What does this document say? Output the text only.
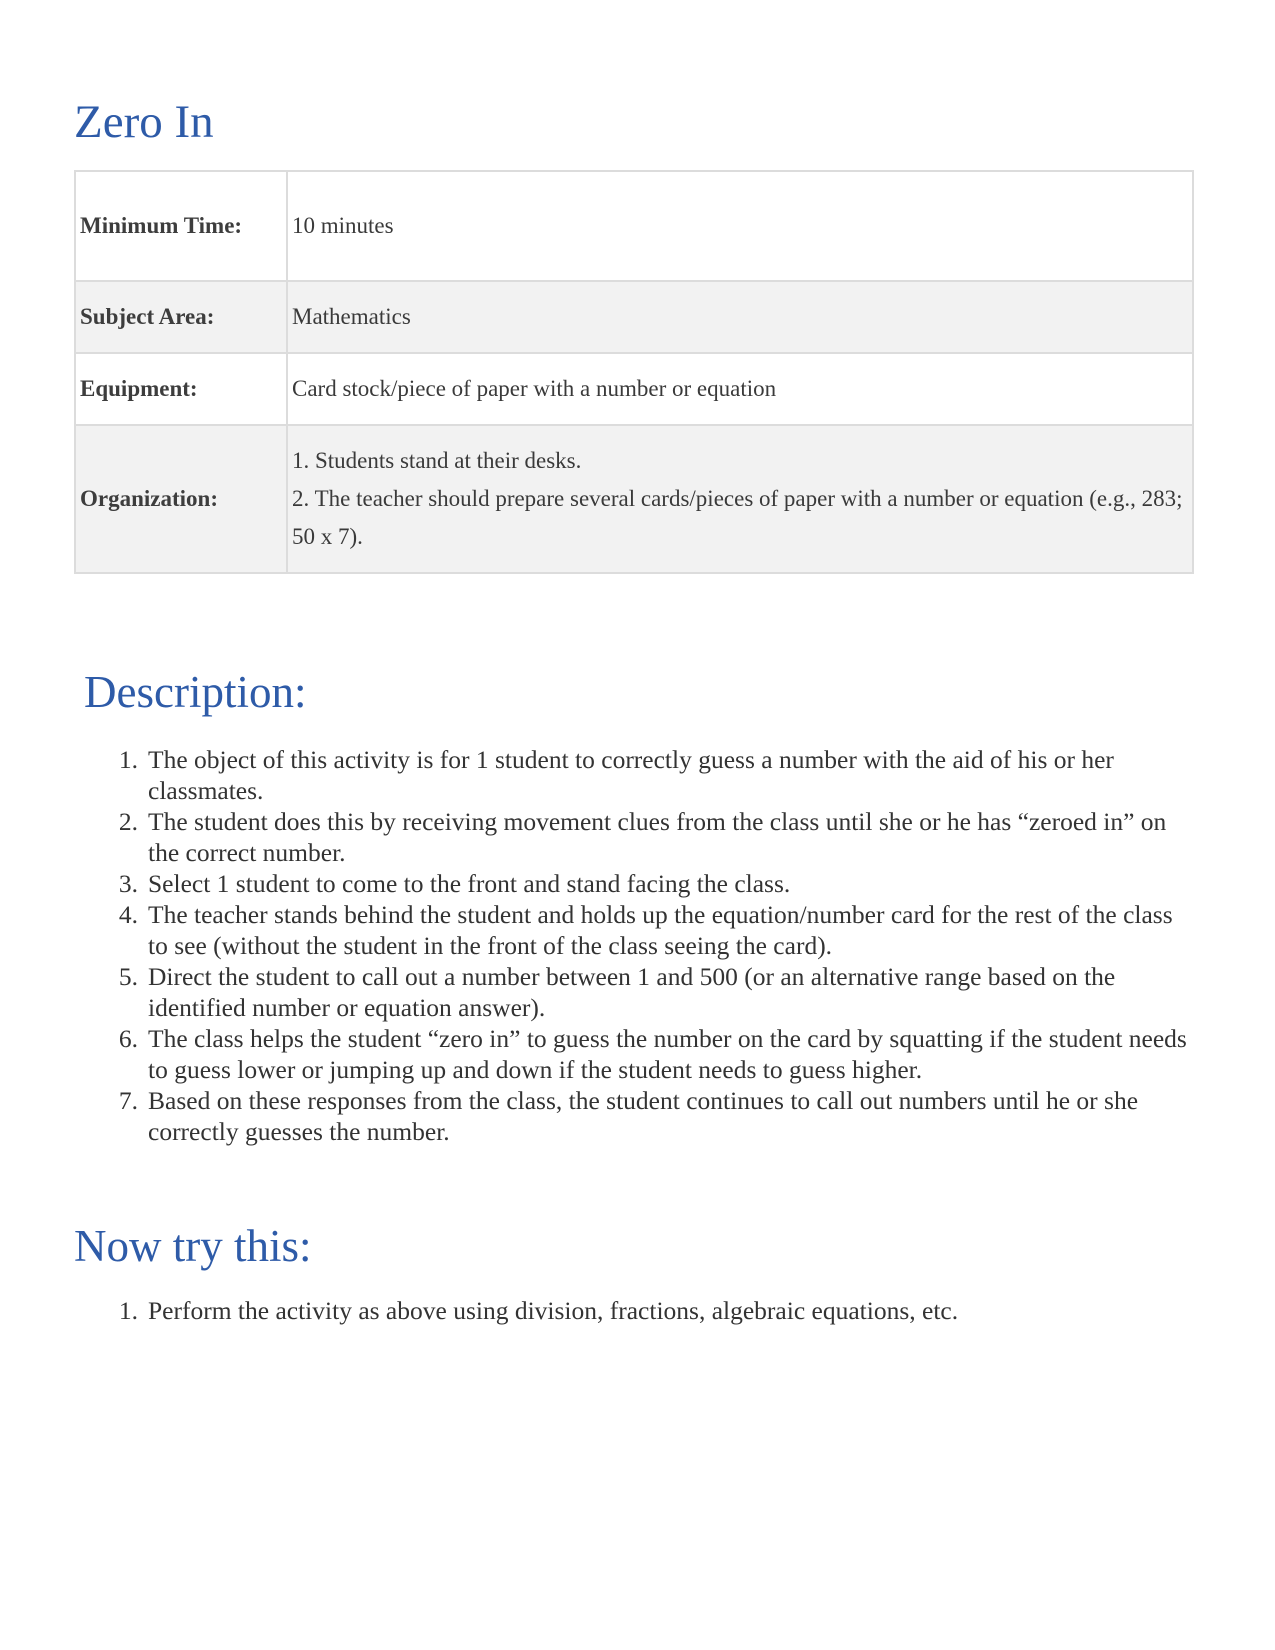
Zero In
Minimum Time:	10 minutes

Subject Area:	Mathematics

Equipment:	Card stock/piece of paper with a number or equation

Organization:	1. Students stand at their desks.
2. The teacher should prepare several cards/pieces of paper with a number or equation (e.g., 283; 50 x 7).
Description:
1. The object of this activity is for 1 student to correctly guess a number with the aid of his or her classmates.
2. The student does this by receiving movement clues from the class until she or he has “zeroed in” on the correct number.
3. Select 1 student to come to the front and stand facing the class.
4. The teacher stands behind the student and holds up the equation/number card for the rest of the class to see (without the student in the front of the class seeing the card).
5. Direct the student to call out a number between 1 and 500 (or an alternative range based on the identified number or equation answer).
6. The class helps the student “zero in” to guess the number on the card by squatting if the student needs to guess lower or jumping up and down if the student needs to guess higher.
7. Based on these responses from the class, the student continues to call out numbers until he or she correctly guesses the number.
Now try this:
1. Perform the activity as above using division, fractions, algebraic equations, etc.
